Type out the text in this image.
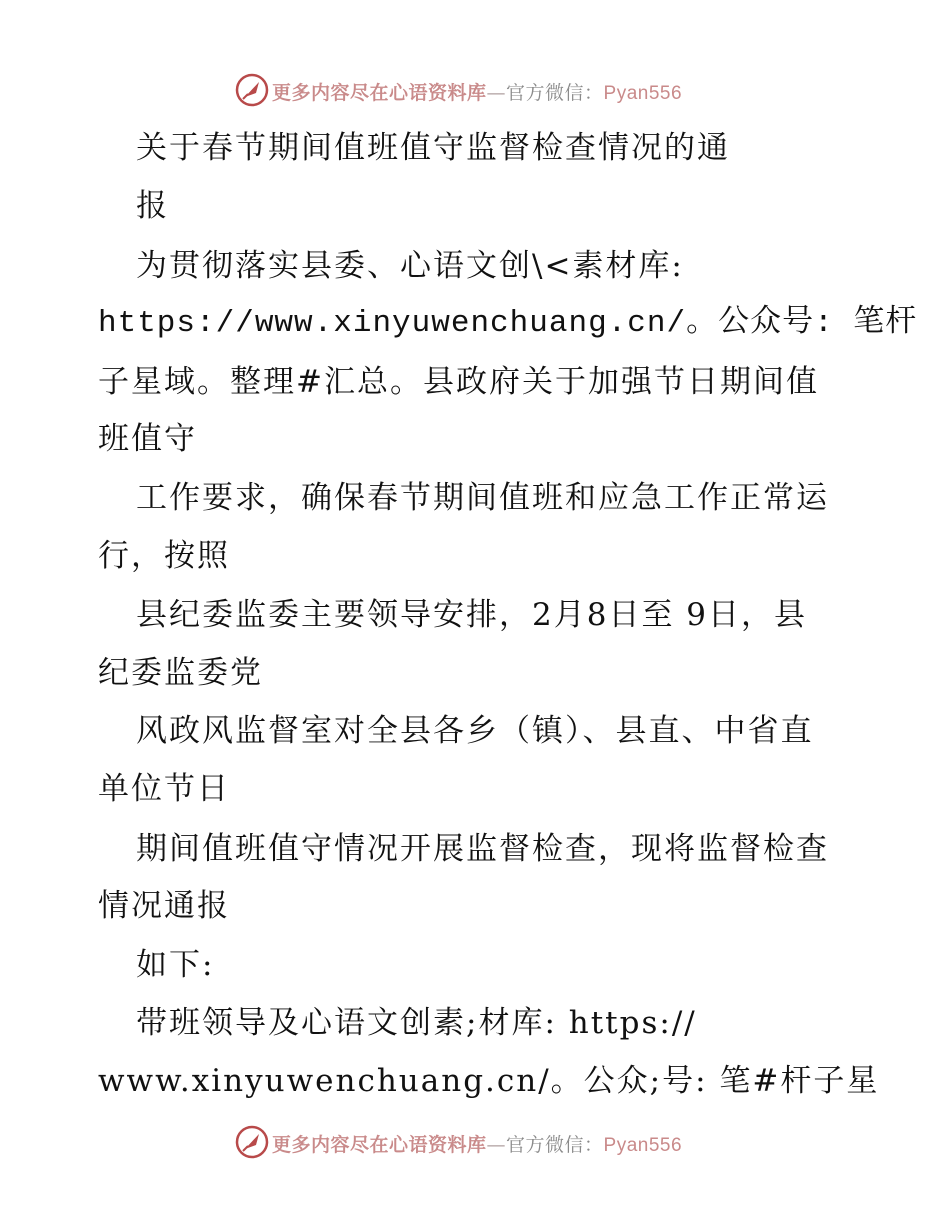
更多内容尽在心语资料库—官方微信：Pyan556
关于春节期间值班值守监督检查情况的通
报
为贯彻落实县委、心语文创\<素材库:
https://www.xinyuwenchuang.cn/。公众号: 笔杆
子星域。整理#汇总。县政府关于加强节日期间值
班值守
工作要求，确保春节期间值班和应急工作正常运
行，按照
县纪委监委主要领导安排，2月8日至 9日，县
纪委监委党
风政风监督室对全县各乡（镇）、县直、中省直
单位节日
期间值班值守情况开展监督检查，现将监督检查
情况通报
如下:
带班领导及心语文创素;材库: https://
www.xinyuwenchuang.cn/。公众;号: 笔#杆子星
更多内容尽在心语资料库—官方微信：Pyan556
